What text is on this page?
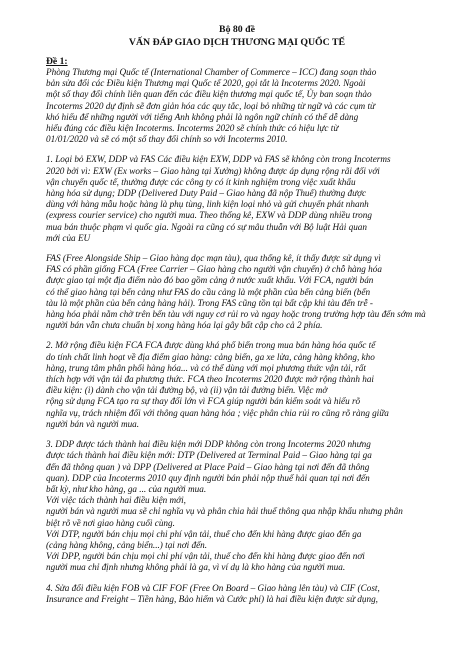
Bộ 80 đề

VẤN ĐÁP GIAO DỊCH THƯƠNG MẠI QUỐC TẾ

Đề 1:

Phòng Thương mại Quốc tế (International Chamber of Commerce – ICC) đang soạn thảo
bản sửa đổi các Điều kiện Thương mại Quốc tế 2020, gọi tắt là Incoterms 2020. Ngoài
một số thay đổi chính liên quan đến các điều kiện thương mại quốc tế, Ủy ban soạn thảo
Incoterms 2020 dự định sẽ đơn giản hóa các quy tắc, loại bỏ những từ ngữ và các cụm từ
khó hiểu để những người với tiếng Anh không phải là ngôn ngữ chính có thể dễ dàng
hiểu đúng các điều kiện Incoterms. Incoterms 2020 sẽ chính thức có hiệu lực từ
01/01/2020 và sẽ có một số thay đổi chính so với Incoterms 2010.

1. Loại bỏ EXW, DDP và FAS Các điều kiện EXW, DDP và FAS sẽ không còn trong Incoterms
2020 bởi vì: EXW (Ex works – Giao hàng tại Xưởng) không được áp dụng rộng rãi đối với
vận chuyển quốc tế, thường được các công ty có ít kinh nghiệm trong việc xuất khẩu
hàng hóa sử dụng; DDP (Delivered Duty Paid – Giao hàng đã nộp Thuế) thường được
dùng với hàng mẫu hoặc hàng là phụ tùng, linh kiện loại nhỏ và gửi chuyển phát nhanh
(express courier service) cho người mua. Theo thống kê, EXW và DDP dùng nhiều trong
mua bán thuộc phạm vi quốc gia. Ngoài ra cũng có sự mâu thuẫn với Bộ luật Hải quan
mới của EU

FAS (Free Alongside Ship – Giao hàng dọc mạn tàu), qua thống kê, ít thấy được sử dụng vì
FAS có phần giống FCA (Free Carrier – Giao hàng cho người vận chuyển) ở chỗ hàng hóa
được giao tại một địa điểm nào đó bao gồm cảng ở nước xuất khẩu. Với FCA, người bán
có thể giao hàng tại bến cảng như FAS do cầu cảng là một phần của bến cảng biển (bến
tàu là một phần của bến cảng hàng hải). Trong FAS cũng tồn tại bất cập khi tàu đến trễ -
hàng hóa phải nằm chờ trên bến tàu với nguy cơ rủi ro và ngay hoặc trong trường hợp tàu đến sớm mà
người bán vẫn chưa chuẩn bị xong hàng hóa lại gây bất cập cho cả 2 phía.

2. Mở rộng điều kiện FCA FCA được dùng khá phổ biến trong mua bán hàng hóa quốc tế
do tính chất linh hoạt về địa điểm giao hàng: cảng biển, ga xe lửa, cảng hàng không, kho
hàng, trung tâm phân phối hàng hóa... và có thể dùng với mọi phương thức vận tải, rất
thích hợp với vận tải đa phương thức. FCA theo Incoterms 2020 được mở rộng thành hai
điều kiện: (i) dành cho vận tải đường bộ, và (ii) vận tải đường biển. Việc mở
rộng sử dụng FCA tạo ra sự thay đổi lớn vì FCA giúp người bán kiểm soát và hiểu rõ
nghĩa vụ, trách nhiệm đối với thông quan hàng hóa ; việc phân chia rủi ro cũng rõ ràng giữa
người bán và người mua.

3. DDP được tách thành hai điều kiện mới DDP không còn trong Incoterms 2020 nhưng
được tách thành hai điều kiện mới: DTP (Delivered at Terminal Paid – Giao hàng tại ga
đến đã thông quan ) và DPP (Delivered at Place Paid – Giao hàng tại nơi đến đã thông
quan). DDP của Incoterms 2010 quy định người bán phải nộp thuế hải quan tại nơi đến
bất kỳ, như kho hàng, ga ... của người mua.
Với việc tách thành hai điều kiện mới,
người bán và người mua sẽ chỉ nghĩa vụ và phân chia hải thuế thông qua nhập khẩu nhưng phân
biệt rõ về nơi giao hàng cuối cùng.
Với DTP, người bán chịu mọi chi phí vận tải, thuế cho đến khi hàng được giao đến ga
(cảng hàng không, cảng biển...) tại nơi đến.
Với DPP, người bán chịu mọi chi phí vận tải, thuế cho đến khi hàng được giao đến nơi
người mua chỉ định nhưng không phải là ga, vì ví dụ là kho hàng của người mua.

4. Sửa đổi điều kiện FOB và CIF FOF (Free On Board – Giao hàng lên tàu) và CIF (Cost,
Insurance and Freight – Tiền hàng, Bảo hiểm và Cước phí) là hai điều kiện được sử dụng,
